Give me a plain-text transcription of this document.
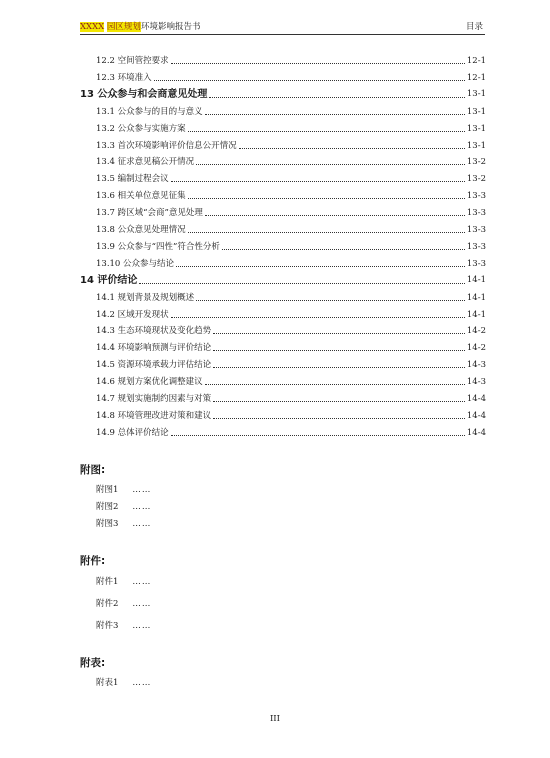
XXXX 园区规划环境影响报告书	目录
12.2 空间管控要求	12-1
12.3 环境准入	12-1
13 公众参与和会商意见处理	13-1
13.1 公众参与的目的与意义	13-1
13.2 公众参与实施方案	13-1
13.3 首次环境影响评价信息公开情况	13-1
13.4 征求意见稿公开情况	13-2
13.5 编制过程会议	13-2
13.6 相关单位意见征集	13-3
13.7 跨区域“会商”意见处理	13-3
13.8 公众意见处理情况	13-3
13.9 公众参与“四性”符合性分析	13-3
13.10 公众参与结论	13-3
14 评价结论	14-1
14.1 规划背景及规划概述	14-1
14.2 区域开发现状	14-1
14.3 生态环境现状及变化趋势	14-2
14.4 环境影响预测与评价结论	14-2
14.5 资源环境承载力评估结论	14-3
14.6 规划方案优化调整建议	14-3
14.7 规划实施制约因素与对策	14-4
14.8 环境管理改进对策和建议	14-4
14.9 总体评价结论	14-4
附图:
附图1 ……
附图2 ……
附图3 ……
附件:
附件1 ……
附件2 ……
附件3 ……
附表:
附表1 ……
III
